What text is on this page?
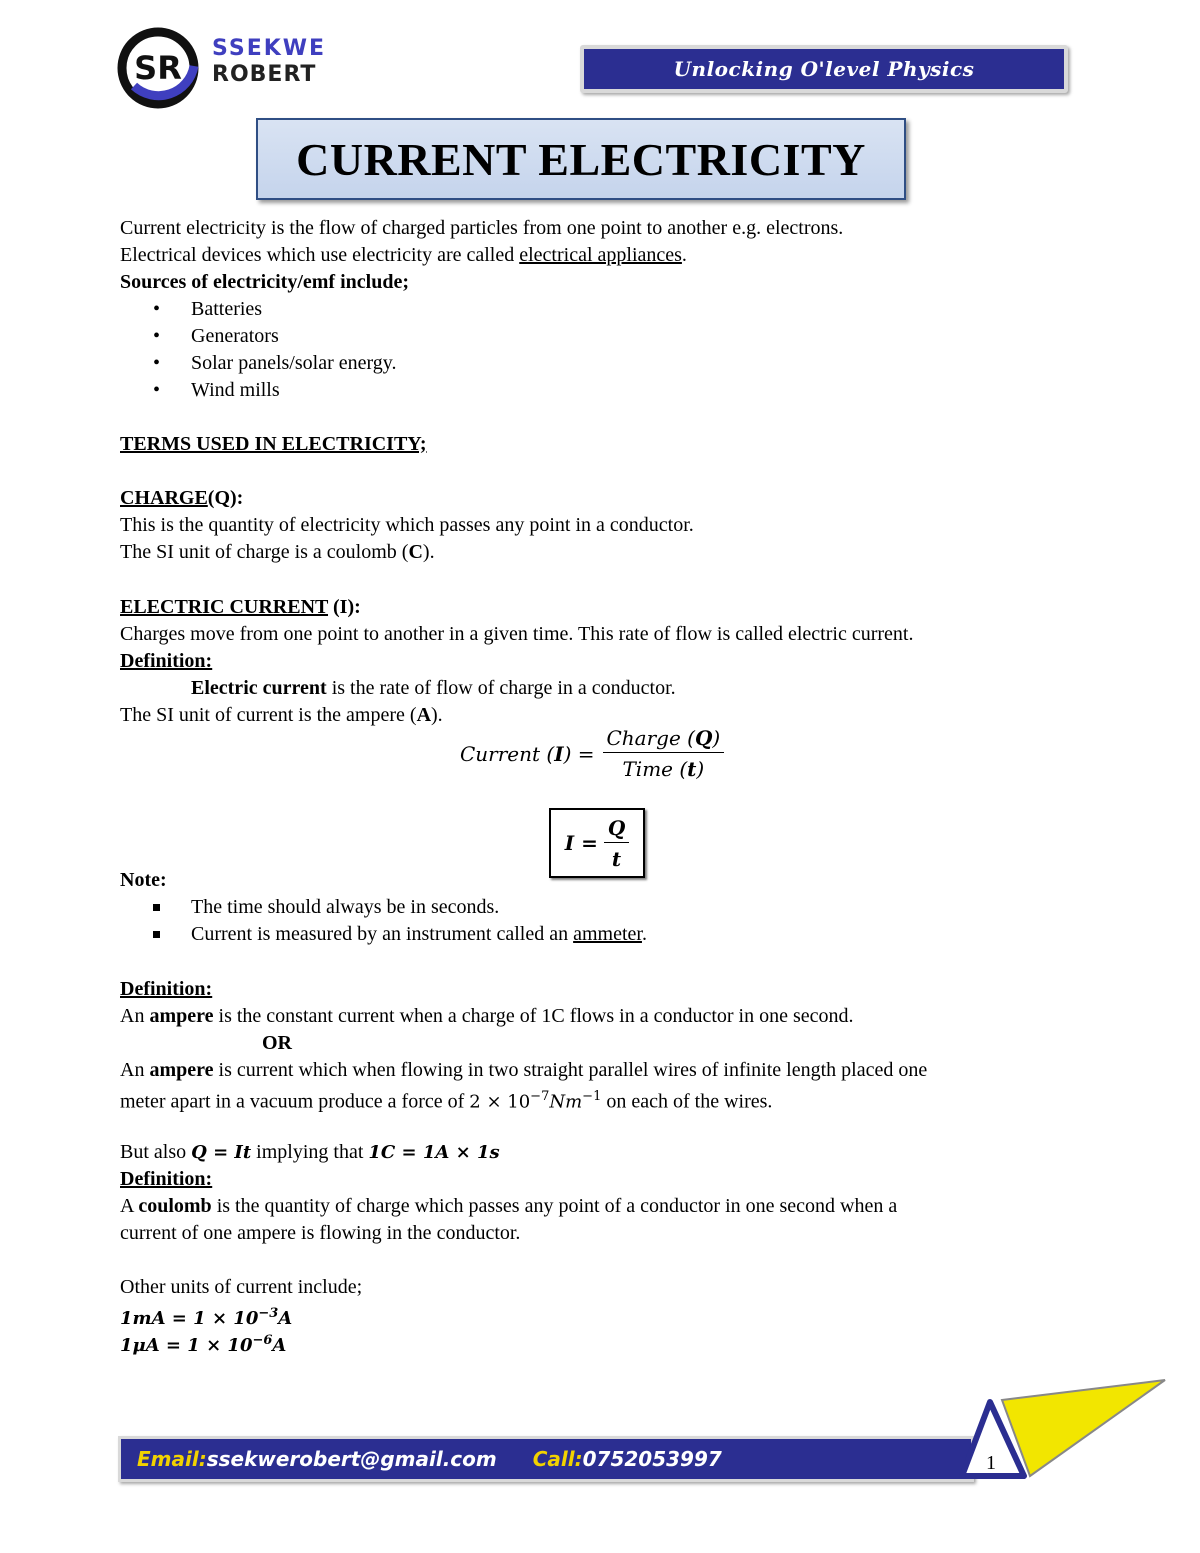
SR
SSEKWE
ROBERT	Unlocking O'level Physics
CURRENT ELECTRICITY
Current electricity is the flow of charged particles from one point to another e.g. electrons.
Electrical devices which use electricity are called electrical appliances.
Sources of electricity/emf include;
• Batteries
• Generators
• Solar panels/solar energy.
• Wind mills
TERMS USED IN ELECTRICITY;
CHARGE(Q):
This is the quantity of electricity which passes any point in a conductor.
The SI unit of charge is a coulomb (C).
ELECTRIC CURRENT (I):
Charges move from one point to another in a given time. This rate of flow is called electric current.
Definition:
Electric current is the rate of flow of charge in a conductor.
The SI unit of current is the ampere (A).
Current $(I) = \frac{\text{Charge (Q)}}{\text{Time (t)}}$
$I = \frac{Q}{t}$
Note:
The time should always be in seconds.
Current is measured by an instrument called an ammeter.
Definition:
An ampere is the constant current when a charge of 1C flows in a conductor in one second.
OR
An ampere is current which when flowing in two straight parallel wires of infinite length placed one
meter apart in a vacuum produce a force of $2 \times 10^{-7}Nm^{-1}$ on each of the wires.
But also Q = It implying that 1C = 1A × 1s
Definition:
A coulomb is the quantity of charge which passes any point of a conductor in one second when a
current of one ampere is flowing in the conductor.
Other units of current include;
$1mA = 1 \times 10^{-3}A$
$1\mu A = 1 \times 10^{-6}A$
Email: ssekwerobert@gmail.com Call: 0752053997	1
